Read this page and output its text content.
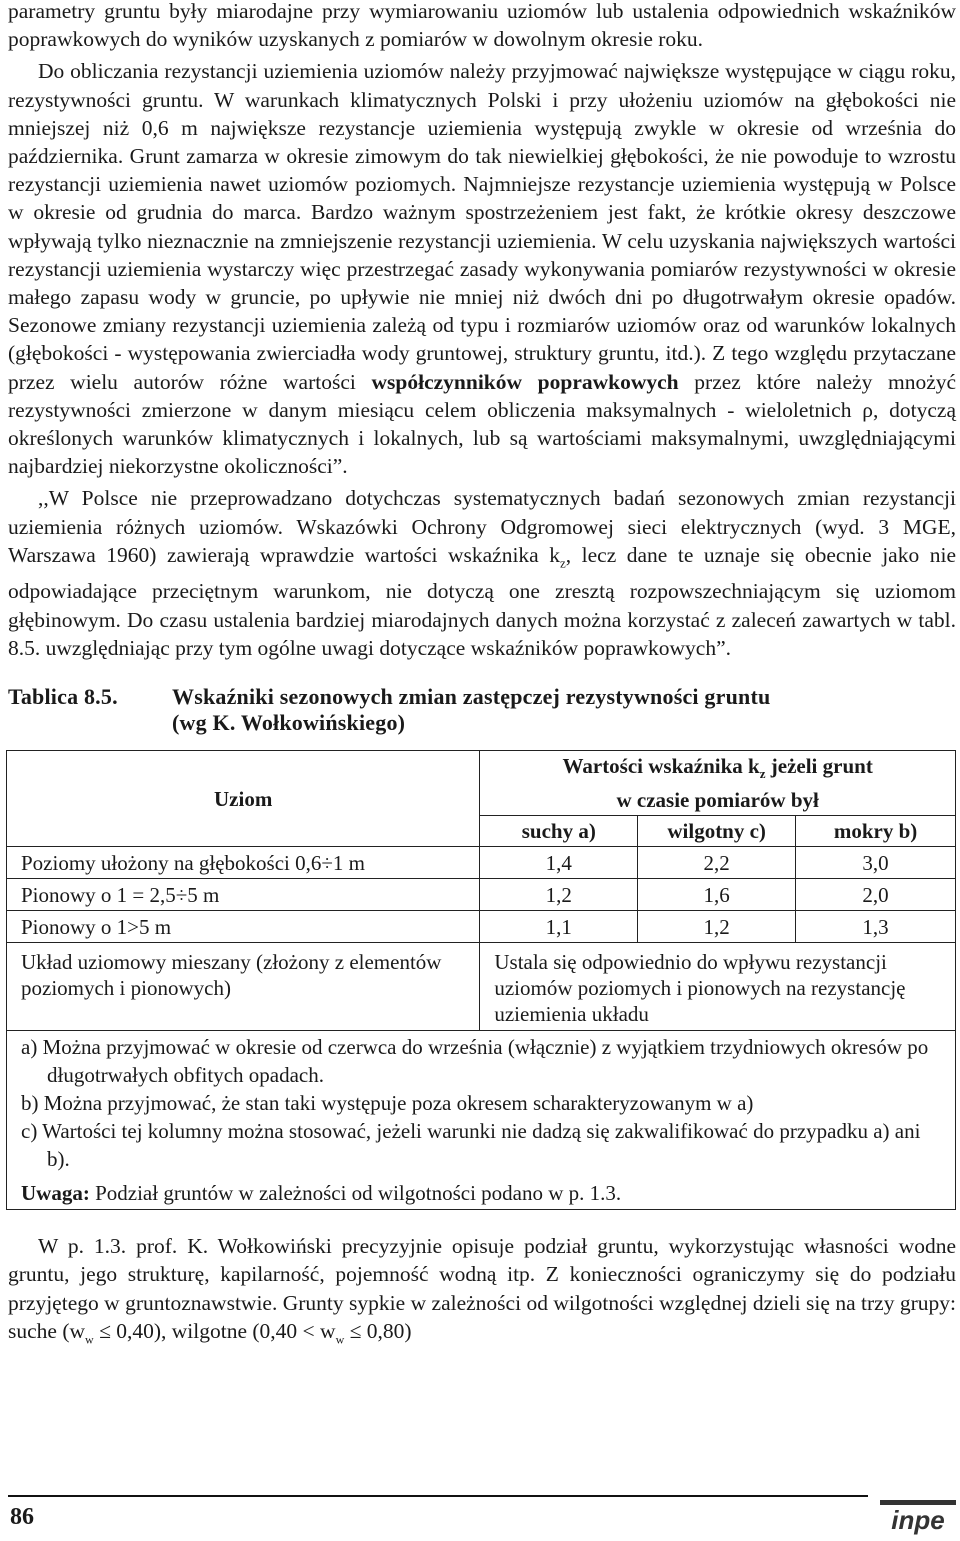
parametry gruntu były miarodajne przy wymiarowaniu uziomów lub ustalenia odpowiednich wskaźników poprawkowych do wyników uzyskanych z pomiarów w dowolnym okresie roku.

Do obliczania rezystancji uziemienia uziomów należy przyjmować największe występujące w ciągu roku, rezystywności gruntu. W warunkach klimatycznych Polski i przy ułożeniu uziomów na głębokości nie mniejszej niż 0,6 m największe rezystancje uziemienia występują zwykle w okresie od września do października. Grunt zamarza w okresie zimowym do tak niewielkiej głębokości, że nie powoduje to wzrostu rezystancji uziemienia nawet uziomów poziomych. Najmniejsze rezystancje uziemienia występują w Polsce w okresie od grudnia do marca. Bardzo ważnym spostrzeżeniem jest fakt, że krótkie okresy deszczowe wpływają tylko nieznacznie na zmniejszenie rezystancji uziemienia. W celu uzyskania największych wartości rezystancji uziemienia wystarczy więc przestrzegać zasady wykonywania pomiarów rezystywności w okresie małego zapasu wody w gruncie, po upływie nie mniej niż dwóch dni po długotrwałym okresie opadów. Sezonowe zmiany rezystancji uziemienia zależą od typu i rozmiarów uziomów oraz od warunków lokalnych (głębokości - występowania zwierciadła wody gruntowej, struktury gruntu, itd.). Z tego względu przytaczane przez wielu autorów różne wartości współczynników poprawkowych przez które należy mnożyć rezystywności zmierzone w danym miesiącu celem obliczenia maksymalnych - wieloletnich ρ, dotyczą określonych warunków klimatycznych i lokalnych, lub są wartościami maksymalnymi, uwzględniającymi najbardziej niekorzystne okoliczności”.

,,W Polsce nie przeprowadzano dotychczas systematycznych badań sezonowych zmian rezystancji uziemienia różnych uziomów. Wskazówki Ochrony Odgromowej sieci elektrycznych (wyd. 3 MGE, Warszawa 1960) zawierają wprawdzie wartości wskaźnika $k_z$, lecz dane te uznaje się obecnie jako nie odpowiadające przeciętnym warunkom, nie dotyczą one zresztą rozpowszechniającym się uziomom głębinowym. Do czasu ustalenia bardziej miarodajnych danych można korzystać z zaleceń zawartych w tabl. 8.5. uwzględniając przy tym ogólne uwagi dotyczące wskaźników poprawkowych”.

Tablica 8.5. Wskaźniki sezonowych zmian zastępczej rezystywności gruntu
(wg K. Wołkowińskiego)
Uziom	Wartości wskaźnika $k_z$ jeżeli grunt
w czasie pomiarów był		
	suchy a)	wilgotny c)	mokry b)
Poziomy ułożony na głębokości 0,6÷1 m	1,4	2,2	3,0
Pionowy o 1 = 2,5÷5 m	1,2	1,6	2,0
Pionowy o 1>5 m	1,1	1,2	1,3
Układ uziomowy mieszany (złożony z elementów poziomych i pionowych)	Ustala się odpowiednio do wpływu rezystancji uziomów poziomych i pionowych na rezystancję uziemienia układu		

a) Można przyjmować w okresie od czerwca do września (włącznie) z wyjątkiem trzydniowych okresów po długotrwałych obfitych opadach.
b) Można przyjmować, że stan taki występuje poza okresem scharakteryzowanym w a)
c) Wartości tej kolumny można stosować, jeżeli warunki nie dadzą się zakwalifikować do przypadku a) ani b).
Uwaga: Podział gruntów w zależności od wilgotności podano w p. 1.3.			

W p. 1.3. prof. K. Wołkowiński precyzyjnie opisuje podział gruntu, wykorzystując własności wodne gruntu, jego strukturę, kapilarność, pojemność wodną itp. Z konieczności ograniczymy się do podziału przyjętego w gruntoznawstwie. Grunty sypkie w zależności od wilgotności względnej dzieli się na trzy grupy: suche $(w_w \le 0,40)$, wilgotne $(0,40 < w_w \le 0,80)$

86	inpe
